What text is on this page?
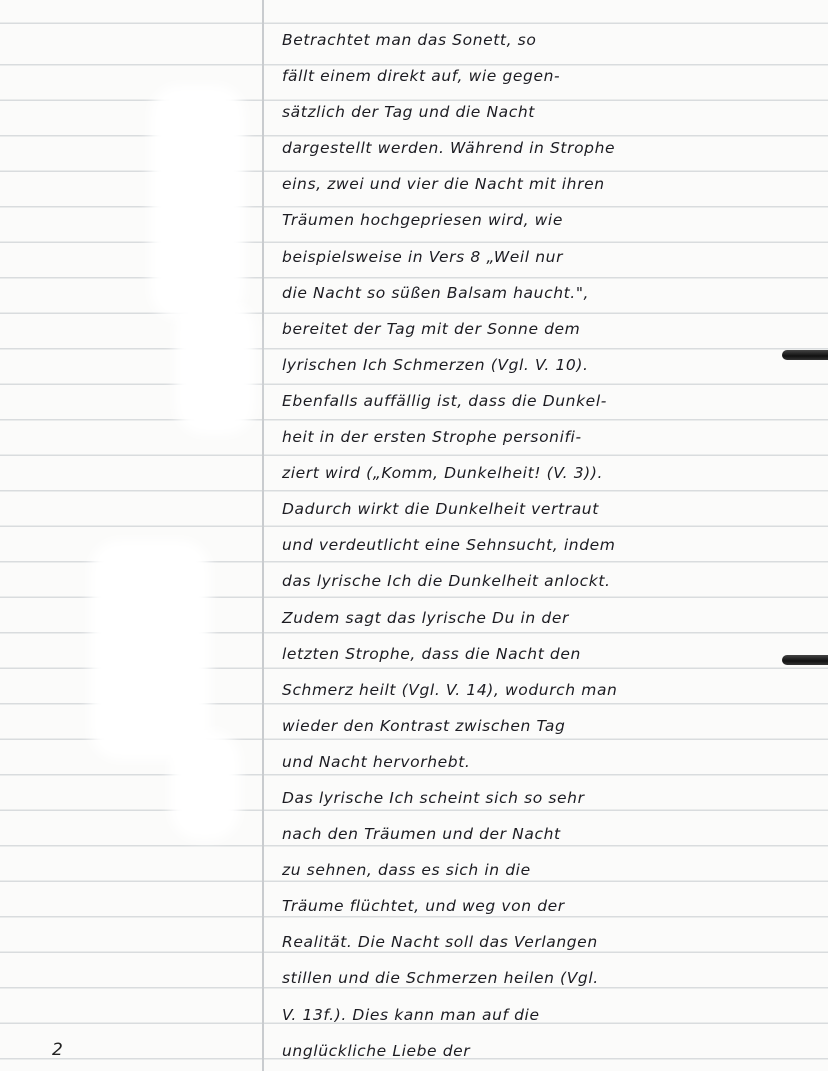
Betrachtet man das Sonett, so
fällt einem direkt auf, wie gegen-
sätzlich der Tag und die Nacht
dargestellt werden. Während in Strophe
eins, zwei und vier die Nacht mit ihren
Träumen hochgepriesen wird, wie
beispielsweise in Vers 8 „Weil nur
die Nacht so süßen Balsam haucht.",
bereitet der Tag mit der Sonne dem
lyrischen Ich Schmerzen (Vgl. V. 10).
Ebenfalls auffällig ist, dass die Dunkel-
heit in der ersten Strophe personifi-
ziert wird („Komm, Dunkelheit! (V. 3)).
Dadurch wirkt die Dunkelheit vertraut
und verdeutlicht eine Sehnsucht, indem
das lyrische Ich die Dunkelheit anlockt.
Zudem sagt das lyrische Du in der
letzten Strophe, dass die Nacht den
Schmerz heilt (Vgl. V. 14), wodurch man
wieder den Kontrast zwischen Tag
und Nacht hervorhebt.
Das lyrische Ich scheint sich so sehr
nach den Träumen und der Nacht
zu sehnen, dass es sich in die
Träume flüchtet, und weg von der
Realität. Die Nacht soll das Verlangen
stillen und die Schmerzen heilen (Vgl.
V. 13f.). Dies kann man auf die
unglückliche Liebe der
2
